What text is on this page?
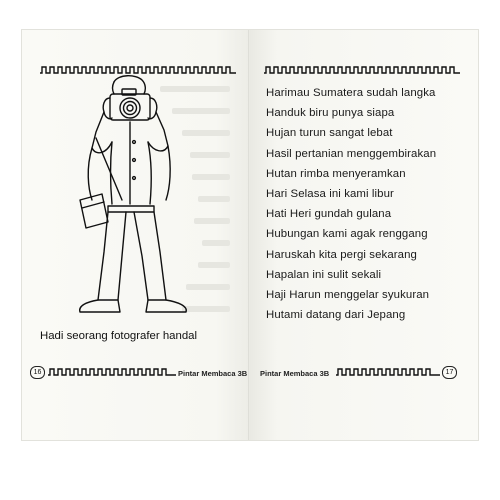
Hadi seorang fotografer handal
16	Pintar Membaca 3B
Harimau Sumatera sudah langka
Handuk biru punya siapa
Hujan turun sangat lebat
Hasil pertanian menggembirakan
Hutan rimba menyeramkan
Hari Selasa ini kami libur
Hati Heri gundah gulana
Hubungan kami agak renggang
Haruskah kita pergi sekarang
Hapalan ini sulit sekali
Haji Harun menggelar syukuran
Hutami datang dari Jepang
Pintar Membaca 3B	17
